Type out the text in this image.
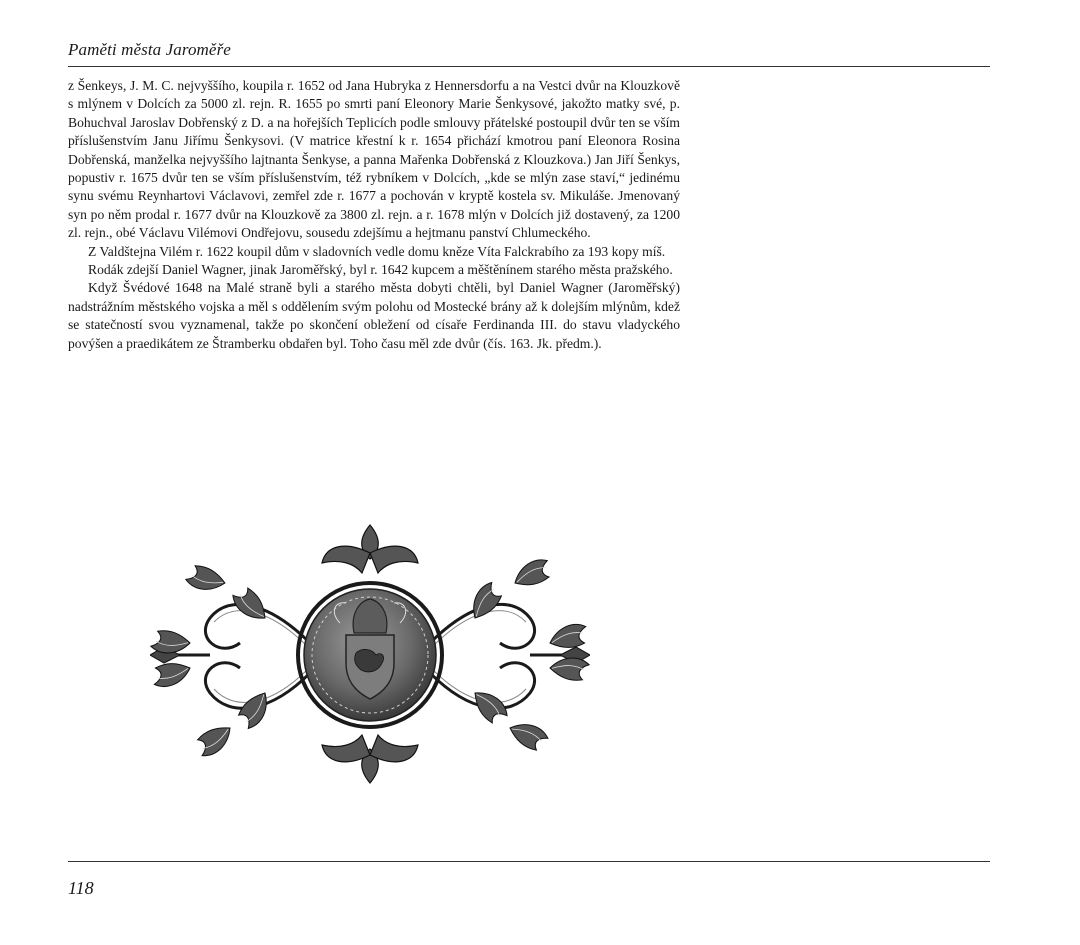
Paměti města Jaroměře

z Šenkeys, J. M. C. nejvyššího, koupila r. 1652 od Jana Hubryka z Hennersdorfu a na Vestci dvůr na Klouzkově s mlýnem v Dolcích za 5000 zl. rejn. R. 1655 po smrti paní Eleonory Marie Šenkysové, jakožto matky své, p. Bohuchval Jaroslav Dobřenský z D. a na hořejších Teplicích podle smlouvy přátelské postoupil dvůr ten se vším příslušenstvím Janu Jiřímu Šenkysovi. (V matrice křestní k r. 1654 přichází kmotrou paní Eleonora Rosina Dobřenská, manželka nejvyššího lajtnanta Šenkyse, a panna Mařenka Dobřenská z Klouzkova.) Jan Jiří Šenkys, popustiv r. 1675 dvůr ten se vším příslušenstvím, též rybníkem v Dolcích, „kde se mlýn zase staví,“ jedinému synu svému Reynhartovi Václavovi, zemřel zde r. 1677 a pochován v kryptě kostela sv. Mikuláše. Jmenovaný syn po něm prodal r. 1677 dvůr na Klouzkově za 3800 zl. rejn. a r. 1678 mlýn v Dolcích již dostavený, za 1200 zl. rejn., obé Václavu Vilémovi Ondřejovu, sousedu zdejšímu a hejtmanu panství Chlumeckého.

Z Valdštejna Vilém r. 1622 koupil dům v sladovních vedle domu kněze Víta Falckrabího za 193 kopy míš.

Rodák zdejší Daniel Wagner, jinak Jaroměřský, byl r. 1642 kupcem a měštěnínem starého města pražského.

Když Švédové 1648 na Malé straně byli a starého města dobyti chtěli, byl Daniel Wagner (Jaroměřský) nadstrážním městského vojska a měl s oddělením svým polohu od Mostecké brány až k dolejším mlýnům, kdež se statečností svou vyznamenal, takže po skončení obležení od císaře Ferdinanda III. do stavu vladyckého povýšen a praedikátem ze Štramberku obdařen byl. Toho času měl zde dvůr (čís. 163. Jk. předm.).

118
